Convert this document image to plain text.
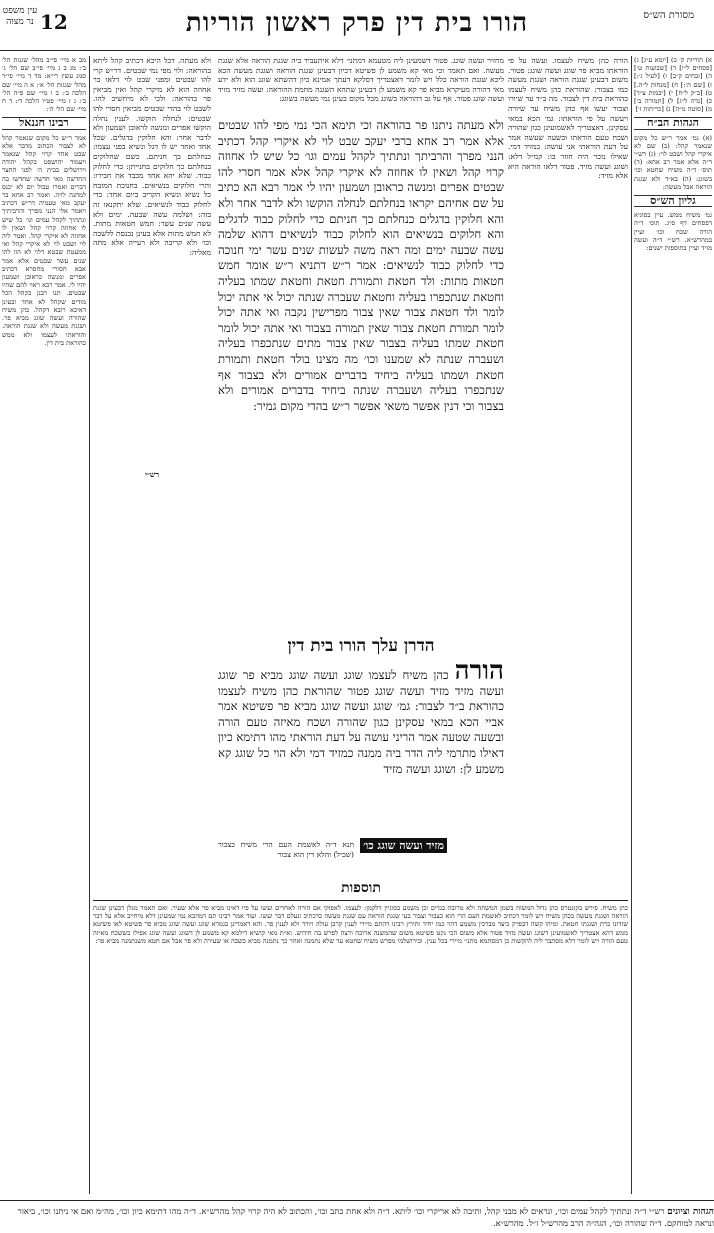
מסורת הש״ס
הורו בית דין פרק ראשון הוריות
12
עין משפט נר מצוה
מב א מיי׳ פי״ב מהל׳ שגגות הל׳ ב׳: מג ב ג מיי׳ פי״ב שם הל׳ ג׳ סמג עשין רי״א: מד ד מיי׳ פי״ד מהל׳ שגגות הל׳ א׳: א ה מיי׳ שם הלכה ב׳: ב ו מיי׳ שם פ״ה הל׳ ב׳: ג ז מיי׳ פט״ו הלכה ד׳: ד ח מיי׳ שם הל׳ ה׳:
רבינו חננאל
אמר ר״ש כל מקום שנאמר קהל לא לצבור הכתוב מדבר אלא שבט אחד קרוי קהל שנאמר ויעמוד יהושפט בקהל יהודה וירושלים בבית ה׳ לפני החצר החדשה מאי חדשה שחדשו בה דברים ואמרו טבול יום לא יכנס למחנה לויה. ואמר רב אחא בר יעקב מאי טעמיה דר״ש דכתיב ויאמר אלי הנני מפרך והרביתיך ונתתיך לקהל עמים וגו׳ כל שיש לו אחוזה קרוי קהל ושאין לו אחוזה לא איקרי קהל. ואמר ליה לוי ושבט לוי לא איקרי קהל ואי ממעטת שבטא דלוי לא הוו להו שנים עשר שבטים אלא אמר אבא חסורי מחסרא דכתיב אפרים ומנשה כראובן ושמעון יהיו לי. אמר רבא ראוי להם שהיו שבטים. תנו רבנן בקהל הכל מודים שקהל לא אחד ובעינן דאיכא רובא דקהל. כהן משיח שהורה ועשה שוגג מביא פר. ושגגת מעשה ולא שגגת הוראה. והוראתו לעצמו ולא ממש כהוראת בית דין.
ולא מעתה. דכל היכא דכתיב קהל ליתא בהוראה: ולוי מפי נמי שבטים. דר״ש קרי להו שבטים ומפני שבט לוי דלאו בר אחוזה הוא לא מיקרי קהל ואין מביאין פר בהוראה: ולכי לא מיחשיב להו. לשבט לוי בהדי שבטים מביאין חסרי להו שבטים: לנחלה הוקשו. לענין נחלה הוקשו אפרים ומנשה לראובן ושמעון ולא לדבר אחר: והא חלוקין בדגלים. שכל אחד ואחד יש לו דגל ונשיא בפני עצמו: כנחלתם כך חניתם. כשם שחלוקים בנחלתם כך חלוקים בחנייתן: כדי לחלוק כבוד. שלא יהא אחד מכבד את חבירו: והרי חלוקים בנשיאים. בחנוכת המזבח כל נשיא ונשיא הקריב ביום אחד: כדי לחלוק כבוד לנשיאים. שלא יתקנאו זה בזה: ושלמה עשה שבעה. ימים ולא עשה שנים עשר: חמש חטאות מתות. לא חמש מתות אלא בעינן נכנסת ללשכה וכו׳ ולא קריבה ולא רעייה אלא מתה מאליה:
ולא מעתה ניתנו פר בהוראה וכי תימא הכי נמי מפי להו שבטים אלא אמר רב אחא ברבי יעקב שבט לוי לא איקרי קהל דכתיב הנני מפרך והרביתך ונתתיך לקהל עמים וגו׳ כל שיש לו אחוזה קרוי קהל ושאין לו אחוזה לא איקרי קהל אלא אמר חסרי להו שבטים אפרים ומנשה כראובן ושמעון יהיו לי אמר רבא הא כתיב על שם אחיהם יקראו בנחלתם לנחלה הוקשו ולא לדבר אחר ולא והא חלוקין בדגלים כנחלתם כך חניתם כדי לחלוק כבוד לדגלים והא חלוקים בנשיאים הוא לחלוק כבוד לנשיאים דהוא שלמה עשה שבעה ימים ומה ראה משה לעשות שנים עשר ימי חנוכה כדי לחלוק כבוד לנשיאים: אמר ר״ש דתניא ר״ש אומר חמש חטאות מתות: ולד חטאת ותמורת חטאת וחטאת שמתו בעליה וחטאת שנתכפרו בעליה וחטאת שעברה שנתה יכול אי אתה יכול לומר ולד חטאת צבור שאין צבור מפרישין נקבה ואי אתה יכול לומר תמורת חטאת צבור שאין תמורה בצבור ואי אתה יכול לומר חטאת שמתו בעליה בצבור שאין צבור מתים שנתכפרו בעליה ושעברה שנתה לא שמענו וכו׳ מה מצינו בולד חטאת ותמורת חטאת ושמתו בעליה ביחיד בדברים אמורים ולא בצבור אף שנתכפרו בעליה ושעברה שנתה ביחיד בדברים אמורים ולא בצבור וכי דנין אפשר משאי אפשר ר״ש בהדי מקום גמיר:
מחזיר ועשה שוגג. פטור דשמעינן ליה מטעמא דמתני׳ דלא איתעביד ביה שגגת הוראה אלא שגגת מעשה. ואם תאמר וכי מאי קא משמע לן פשיטא דכיון דבעינן שגגת הוראה ושגגת מעשה הכא ליכא שגגת הוראה כלל ויש לומר דאצטריך דסלקא דעתך אמינא כיון דהשתא שוגג הוא ולא ידע מאי דהורה מעיקרא מביא פר קא משמע לן דבעינן שתהא השגגה מחמת ההוראה: ועשה מזיד מזיד ועשה שוגג פטור. אף על גב דהוראה בשוגג מכל מקום בעינן נמי מעשה בשוגג:
הדרן עלך הורו בית דין
הורה כהן משיח לעצמו שוגג ועשה שוגג מביא פר שוגג ועשה מזיד מזיד ועשה שוגג פטור שהוראת כהן משיח לעצמו כהוראת ב״ד לצבור: גמ׳ שוגג ועשה שוגג מביא פר פשיטא אמר אביי הכא במאי עסקינן כגון שהורה ושכח מאיזה טעם הורה ובשעה שטעה אמר הריני עושה על דעת הוראתי מהו דתימא כיון דאילו מתרמי ליה הדר ביה ממנה כמזיד דמי ולא הוי כל שוגג קא משמע לן: ושוגג ועשה מזיד
מזיד ועשה שוגג כו׳
תנא ד״ה לאשמת העם הרי משיח כצבור (שכיל) והלא דין הוא צבור
תוספות
הורה כהן משיח לעצמו. ועשה על פי הוראתו מביא פר שוגג ועשה שוגג: פטור. משום דבעינן שגגת הוראה ושגגת מעשה כמו בצבור: שהוראת כהן משיח לעצמו כהוראת בית דין לצבור. מה ב״ד עד שיורו וצבור יעשו אף כהן משיח עד שיורה ויעשה על פי הוראתו: גמ׳ הכא במאי עסקינן. דאצטריך לאשמועינן כגון שהורה ושכח טעם הוראתו ובשעה שעשה אמר על דעת הוראתי אני עושה: כמזיד דמי. שאילו נזכר היה חוזר בו: קמ״ל דלא: ושוגג ועשה מזיד. פטור דלאו הוראה היא אלא מזיד:
א) הוריות ק׳ ב) [יומא ע״ג] ג) [פסחים ל״ו] ד) [שבועות ט׳] ה) [זבחים ק״ב] ו) [לעיל ג׳:] ז) [שם ה׳:] ח) [מנחות ל״ה.] ט) [ב״ק ל״ח] י) [יבמות צ״ד] כ) [נדה ל״ג] ל) [תמורה ב׳] מ) [סוטה מ״ה] נ) [כריתות ז׳]
הגהות הב״ח
(א) גמ׳ אמר ר״ש כל מקום שנאמר קהל: (ב) שם לא איקרי קהל ושבט לוי: (ג) רש״י ד״ה אלא אמר רב אחא: (ד) תוס׳ ד״ה משיח שחטא וכו׳ בשוגג: (ה) בא״ד ולא שגגת הוראה אבל מעשה:
גליון הש״ס
גמ׳ משיח ממש. עיין בסוגיא דפסחים דף ס״ג. תוס׳ ד״ה הורה שכח וכו׳ ועיין במהרש״א. רש״י ד״ה ועשה מזיד ועיין בתוספות ישנים:
רש״י
כהן משיח. פירש בקונטרס כהן גדול המשוח בשמן המשחה ולא מרובה בגדים וכן משמע בסוגיין דלקמן: לעצמו. לאפוקי אם הורה לאחרים ועשו על פיו דאינו מביא פר אלא שעיר. ואם תאמר מנלן דבעינן שגגת הוראה ושגגת מעשה בכהן משיח ויש לומר דכתיב לאשמת העם הרי הוא כצבור וצבור בעי שגגת הוראה עם שגגת מעשה כדכתיב ונעלם דבר ועשו. ועוד אמר רבינו תם דמהכא נמי שמעינן דלא מיחייב אלא על דבר שזדונו כרת ושגגתו חטאת. ומיהו קשה דבפרק כיצד מברכין משמע דהוי כמו יחיד ותירץ רבינו דהתם מיירי לענין קרבן עולה ויורד ולא לענין פר. והא דאמרינן בגמרא שוגג ועשה שוגג מביא פר פשיטא לאו פשיטא ממש דהא אצטריך לאשמועינן דשוגג ועשה מזיד פטור אלא משום הכי נקט פשיטא משום שהמשנה ארוכה ורצה לפרש בה חידוש. וא״ת מאי קושיא דילמא קא משמע לן דשוגג ועשה שוגג אפילו כששכח מאיזה טעם הורה ויש לומר דלא מסתבר ליה להקשות כן דמסתמא מתני׳ מיירי בכל ענין. ובירושלמי מפרש משיח שחטא עד שלא נתמנה ואחר כך נתמנה מביא כשבה או שעירה ולא פר אבל אם חטא משנתמנה מביא פר:
הגהות וציונים רש״י ד״ה ונתתיך לקהל עמים וכו׳, ונראים לא מבני קהל, ותיבה לא אריקרי וכו׳ ליתא. ד״ה ולא אחת כתב וכו׳, והכתוב לא היה קרוי קהל מהרש״א. ד״ה מהו דתימא כיון וכו׳, מה״מ ואם אי ניתנו וכו׳, ביאור ונראה למוחקם. ד״ה שהורה וכו׳, הגה״ה הרב מהרש״ל ז״ל. מהרש״א.
